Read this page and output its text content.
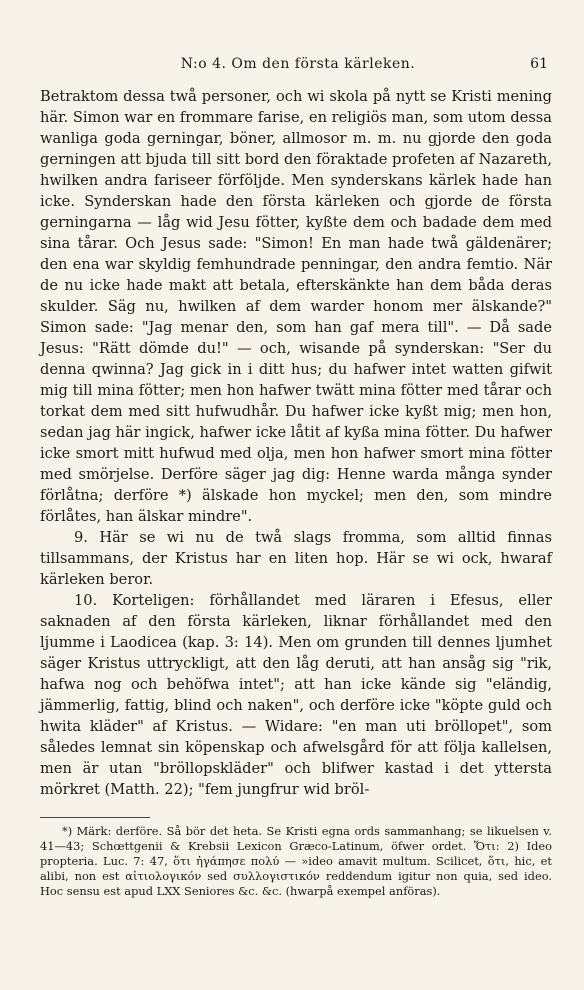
N:o 4. Om den första kärleken.	61

Betraktom dessa twå personer, och wi skola på nytt se Kristi mening här. Simon war en frommare farise, en religiös man, som utom dessa wanliga goda gerningar, böner, allmosor m. m. nu gjorde den goda gerningen att bjuda till sitt bord den föraktade profeten af Nazareth, hwilken andra fariseer förföljde. Men synderskans kärlek hade han icke. Synderskan hade den första kärleken och gjorde de första gerningarna — låg wid Jesu fötter, kyßte dem och badade dem med sina tårar. Och Jesus sade: "Simon! En man hade twå gäldenärer; den ena war skyldig femhundrade penningar, den andra femtio. När de nu icke hade makt att betala, efterskänkte han dem båda deras skulder. Säg nu, hwilken af dem warder honom mer älskande?" Simon sade: "Jag menar den, som han gaf mera till". — Då sade Jesus: "Rätt dömde du!" — och, wisande på synderskan: "Ser du denna qwinna? Jag gick in i ditt hus; du hafwer intet watten gifwit mig till mina fötter; men hon hafwer twätt mina fötter med tårar och torkat dem med sitt hufwudhår. Du hafwer icke kyßt mig; men hon, sedan jag här ingick, hafwer icke låtit af kyßa mina fötter. Du hafwer icke smort mitt hufwud med olja, men hon hafwer smort mina fötter med smörjelse. Derföre säger jag dig: Henne warda många synder förlåtna; derföre *) älskade hon myckel; men den, som mindre förlåtes, han älskar mindre".

9. Här se wi nu de twå slags fromma, som alltid finnas tillsammans, der Kristus har en liten hop. Här se wi ock, hwaraf kärleken beror.

10. Korteligen: förhållandet med läraren i Efesus, eller saknaden af den första kärleken, liknar förhållandet med den ljumme i Laodicea (kap. 3: 14). Men om grunden till dennes ljumhet säger Kristus uttryckligt, att den låg deruti, att han ansåg sig "rik, hafwa nog och behöfwa intet"; att han icke kände sig "eländig, jämmerlig, fattig, blind och naken", och derföre icke "köpte guld och hwita kläder" af Kristus. — Widare: "en man uti bröllopet", som således lemnat sin köpenskap och afwelsgård för att följa kallelsen, men är utan "bröllopskläder" och blifwer kastad i det yttersta mörkret (Matth. 22); "fem jungfrur wid bröl-

*) Märk: derföre. Så bör det heta. Se Kristi egna ords sammanhang; se likuelsen v. 41—43; Schœttgenii & Krebsii Lexicon Græco-Latinum, öfwer ordet. Ὅτι: 2) Ideo propteria. Luc. 7: 47, ὅτι ἠγάπησε πολύ — »ideo amavit multum. Scilicet, ὅτι, hic, et alibi, non est αἰτιολογικόν sed συλλογιστικόν reddendum igitur non quia, sed ideo. Hoc sensu est apud LXX Seniores &c. &c. (hwarpå exempel anföras).
